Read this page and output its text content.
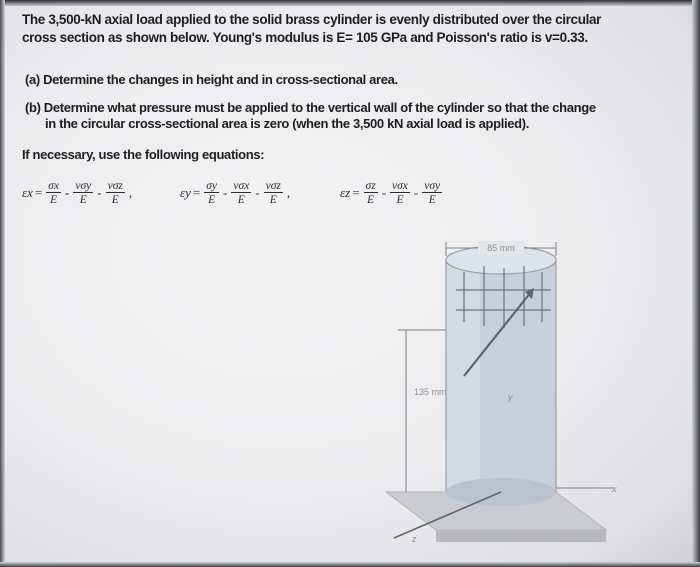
The 3,500-kN axial load applied to the solid brass cylinder is evenly distributed over the circular
cross section as shown below. Young's modulus is E= 105 GPa and Poisson's ratio is v=0.33.
(a) Determine the changes in height and in cross-sectional area.
(b) Determine what pressure must be applied to the vertical wall of the cylinder so that the change
in the circular cross-sectional area is zero (when the 3,500 kN axial load is applied).
If necessary, use the following equations:
$\varepsilon x = \frac{\sigma x}{E} - \frac{\text{vσy}}{E} - \frac{\text{vσz}}{E}$ ,	$\varepsilon y = \frac{\sigma y}{E} - \frac{\text{vσx}}{E} - \frac{\text{vσz}}{E}$ ,	$\varepsilon z = \frac{\sigma z}{E} - \frac{\text{vσx}}{E} - \frac{\text{vσy}}{E}$
85 mm
135 mm	y
z
x
